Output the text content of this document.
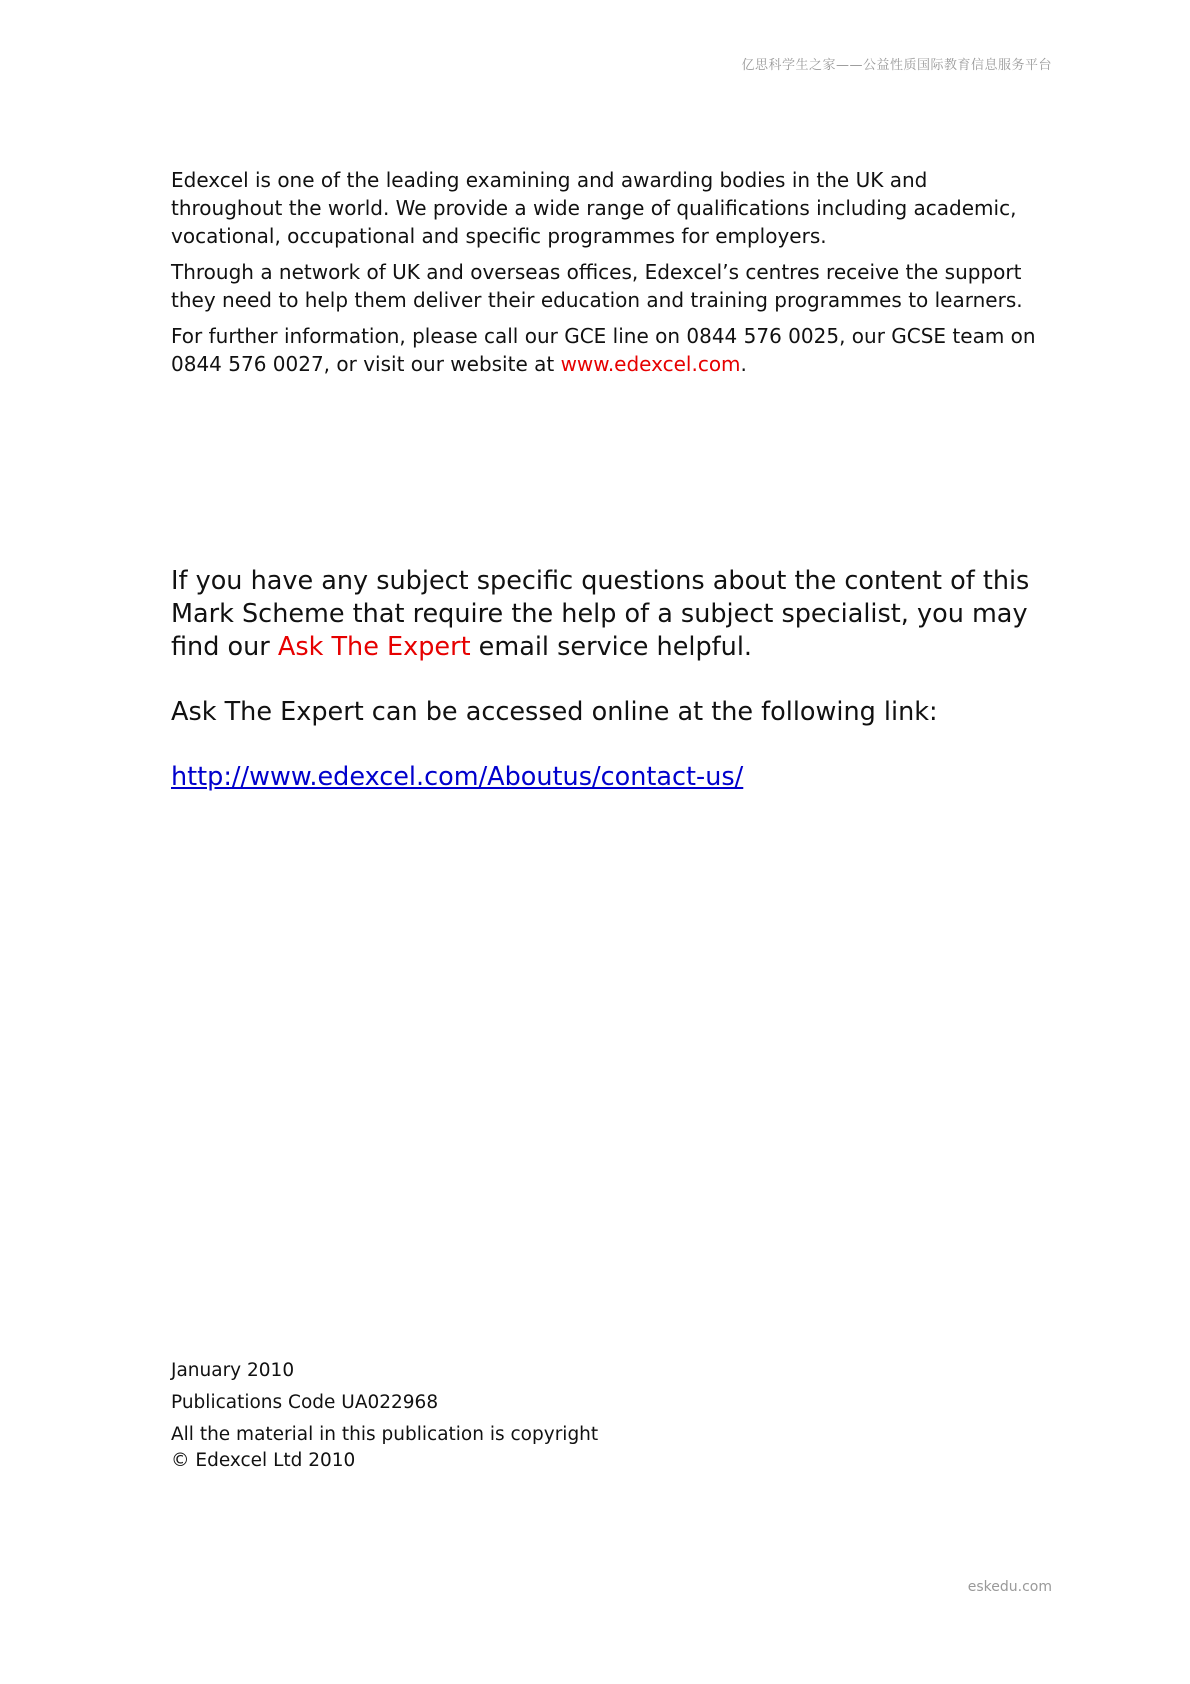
亿思科学生之家——公益性质国际教育信息服务平台

Edexcel is one of the leading examining and awarding bodies in the UK and throughout the world. We provide a wide range of qualifications including academic, vocational, occupational and specific programmes for employers.

Through a network of UK and overseas offices, Edexcel’s centres receive the support they need to help them deliver their education and training programmes to learners.

For further information, please call our GCE line on 0844 576 0025, our GCSE team on 0844 576 0027, or visit our website at www.edexcel.com.

If you have any subject specific questions about the content of this Mark Scheme that require the help of a subject specialist, you may find our Ask The Expert email service helpful.

Ask The Expert can be accessed online at the following link:

http://www.edexcel.com/Aboutus/contact-us/

January 2010

Publications Code UA022968

All the material in this publication is copyright
© Edexcel Ltd 2010

eskedu.com
